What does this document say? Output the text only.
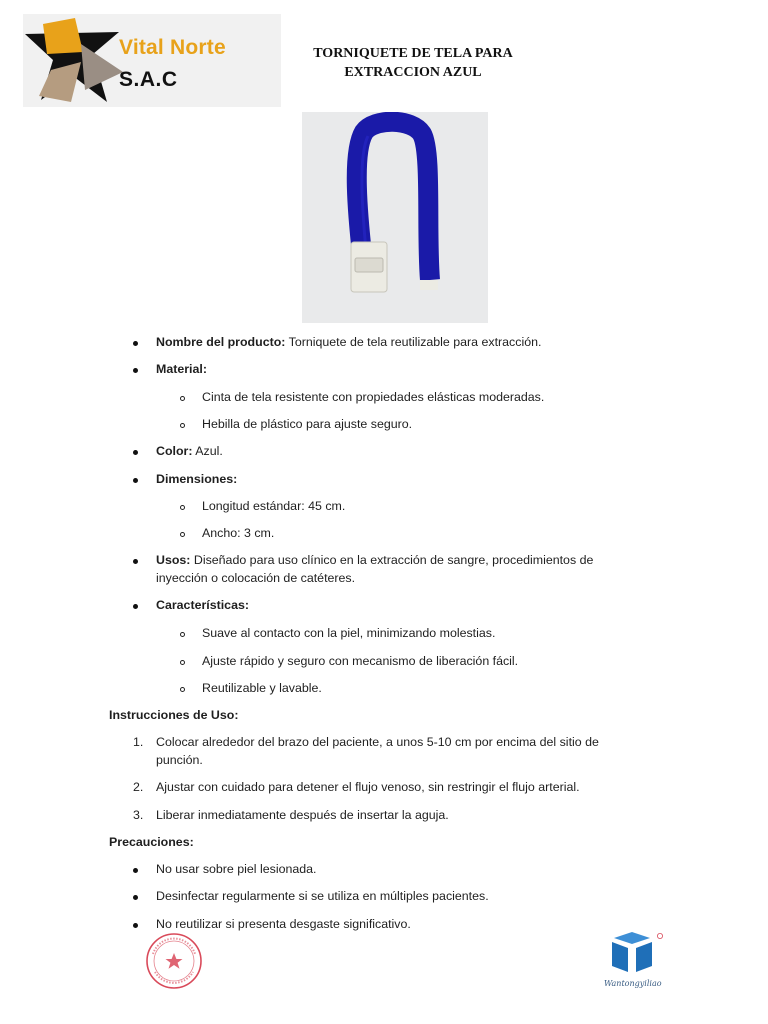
Vital Norte
S.A.C
TORNIQUETE DE TELA PARA
EXTRACCION AZUL
Nombre del producto: Torniquete de tela reutilizable para extracción.
Material:
Cinta de tela resistente con propiedades elásticas moderadas.
Hebilla de plástico para ajuste seguro.
Color: Azul.
Dimensiones:
Longitud estándar: 45 cm.
Ancho: 3 cm.
Usos: Diseñado para uso clínico en la extracción de sangre, procedimientos de
inyección o colocación de catéteres.
Características:
Suave al contacto con la piel, minimizando molestias.
Ajuste rápido y seguro con mecanismo de liberación fácil.
Reutilizable y lavable.
Instrucciones de Uso:
1. Colocar alrededor del brazo del paciente, a unos 5-10 cm por encima del sitio de
punción.
2. Ajustar con cuidado para detener el flujo venoso, sin restringir el flujo arterial.
3. Liberar inmediatamente después de insertar la aguja.
Precauciones:
No usar sobre piel lesionada.
Desinfectar regularmente si se utiliza en múltiples pacientes.
No reutilizar si presenta desgaste significativo.
Wantongyiliao
